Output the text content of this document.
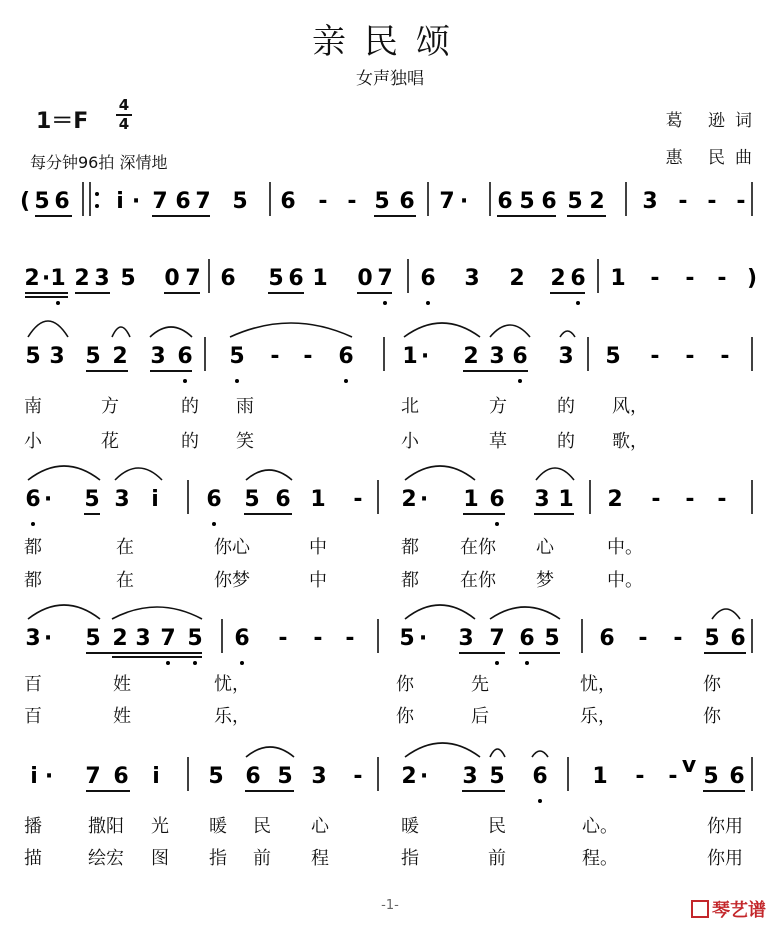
亲民颂
女声独唱
1＝F
4
4
每分钟96拍 深情地
葛 逊词
惠 民曲
( 5 6 i · 7 6 7 5 6 - - 5 6 7 · 6 5 6 5 2 3 - - -
2 · 1 2 3 5 0 7 6 5 6 1 0 7 6 3 2 2 6 1 - - - )
5 3 5 2 3 6 5 - - 6 1 · 2 3 6 3 5 - - -
6 · 5 3 i 6 5 6 1 - 2 · 1 6 3 1 2 - - -
3 · 5 2 3 7 5 6 - - - 5 · 3 7 6 5 6 - - 5 6
i · 7 6 i 5 6 5 3 - 2 · 3 5 6 1 - - 5 6
v
南	方	的 雨	北	方	的 风，
小	花	的 笑	小	草	的 歌，
都	在	你心	中	都 在你 心	中。
都	在	你梦	中	都 在你 梦	中。
百	姓	忧，	你	先	忧，	你
百	姓	乐，	你	后	乐，	你
播	撒阳 光 暖 民 心	暖	民	心。	你用
描	绘宏 图 指 前 程	指	前	程。	你用
-1-	琴艺谱
